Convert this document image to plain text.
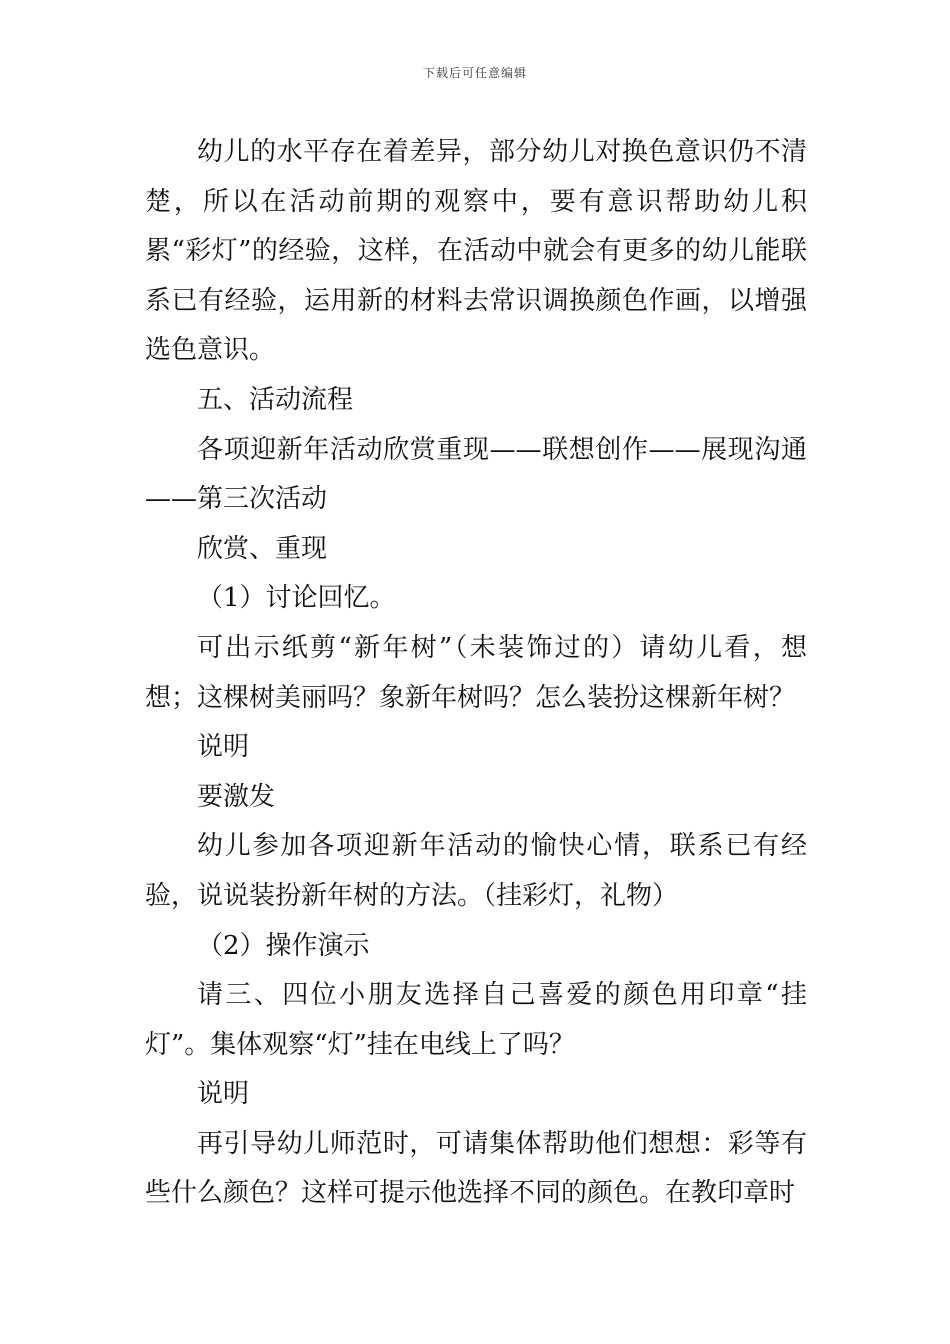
下载后可任意编辑

幼儿的水平存在着差异，部分幼儿对换色意识仍不清楚，所以在活动前期的观察中，要有意识帮助幼儿积累“彩灯”的经验，这样，在活动中就会有更多的幼儿能联系已有经验，运用新的材料去常识调换颜色作画，以增强选色意识。

五、活动流程

各项迎新年活动欣赏重现——联想创作——展现沟通——第三次活动

欣赏、重现

（1）讨论回忆。

可出示纸剪“新年树”（未装饰过的）请幼儿看，想想；这棵树美丽吗？象新年树吗？怎么装扮这棵新年树？

说明

要激发

幼儿参加各项迎新年活动的愉快心情，联系已有经验，说说装扮新年树的方法。（挂彩灯，礼物）

（2）操作演示

请三、四位小朋友选择自己喜爱的颜色用印章“挂灯”。集体观察“灯”挂在电线上了吗？

说明

再引导幼儿师范时，可请集体帮助他们想想：彩等有些什么颜色？这样可提示他选择不同的颜色。在教印章时
